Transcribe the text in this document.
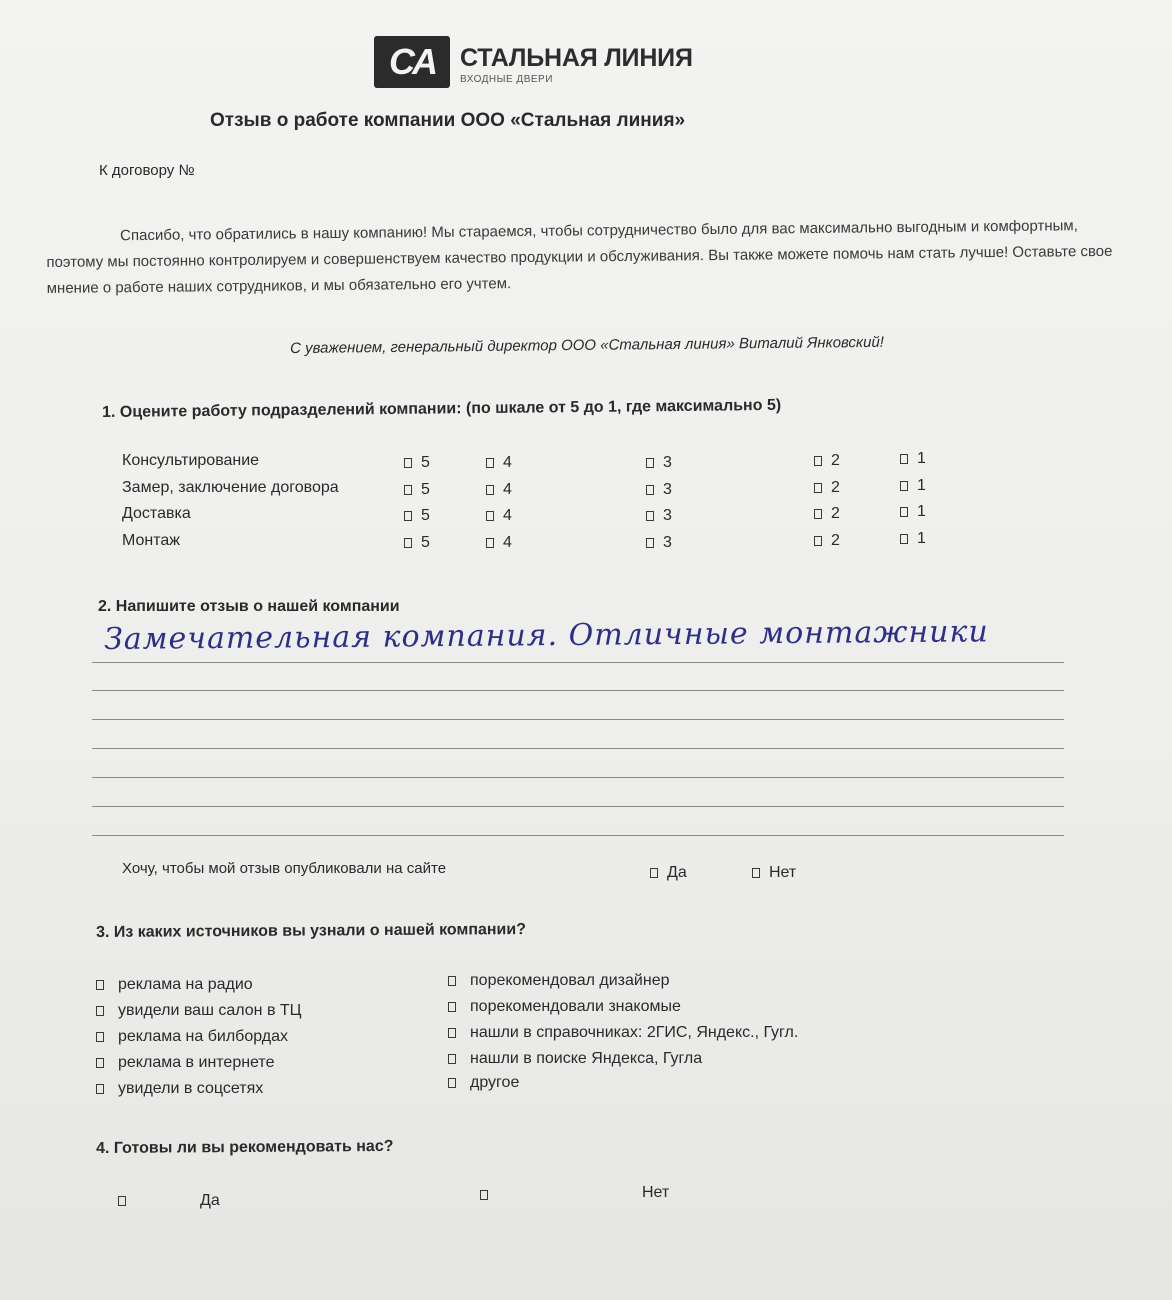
CA	СТАЛЬНАЯ ЛИНИЯ
ВХОДНЫЕ ДВЕРИ
Отзыв о работе компании ООО «Стальная линия»
К договору №
Спасибо, что обратились в нашу компанию! Мы стараемся, чтобы сотрудничество было для вас максимально выгодным и комфортным, поэтому мы постоянно контролируем и совершенствуем качество продукции и обслуживания. Вы также можете помочь нам стать лучше! Оставьте свое мнение о работе наших сотрудников, и мы обязательно его учтем.
С уважением, генеральный директор ООО «Стальная линия» Виталий Янковский!
1. Оцените работу подразделений компании: (по шкале от 5 до 1, где максимально 5)
Консультирование	5	4	3	2	1
Замер, заключение договора	5	4	3	2	1
Доставка	5	4	3	2	1
Монтаж	5	4	3	2	1
2. Напишите отзыв о нашей компании
Замечательная компания. Отличные монтажники
Хочу, чтобы мой отзыв опубликовали на сайте	Да	Нет
3. Из каких источников вы узнали о нашей компании?
реклама на радио
увидели ваш салон в ТЦ
реклама на билбордах
реклама в интернете
увидели в соцсетях
порекомендовал дизайнер
порекомендовали знакомые
нашли в справочниках: 2ГИС, Яндекс., Гугл.
нашли в поиске Яндекса, Гугла
другое
4. Готовы ли вы рекомендовать нас?
Да	Нет
